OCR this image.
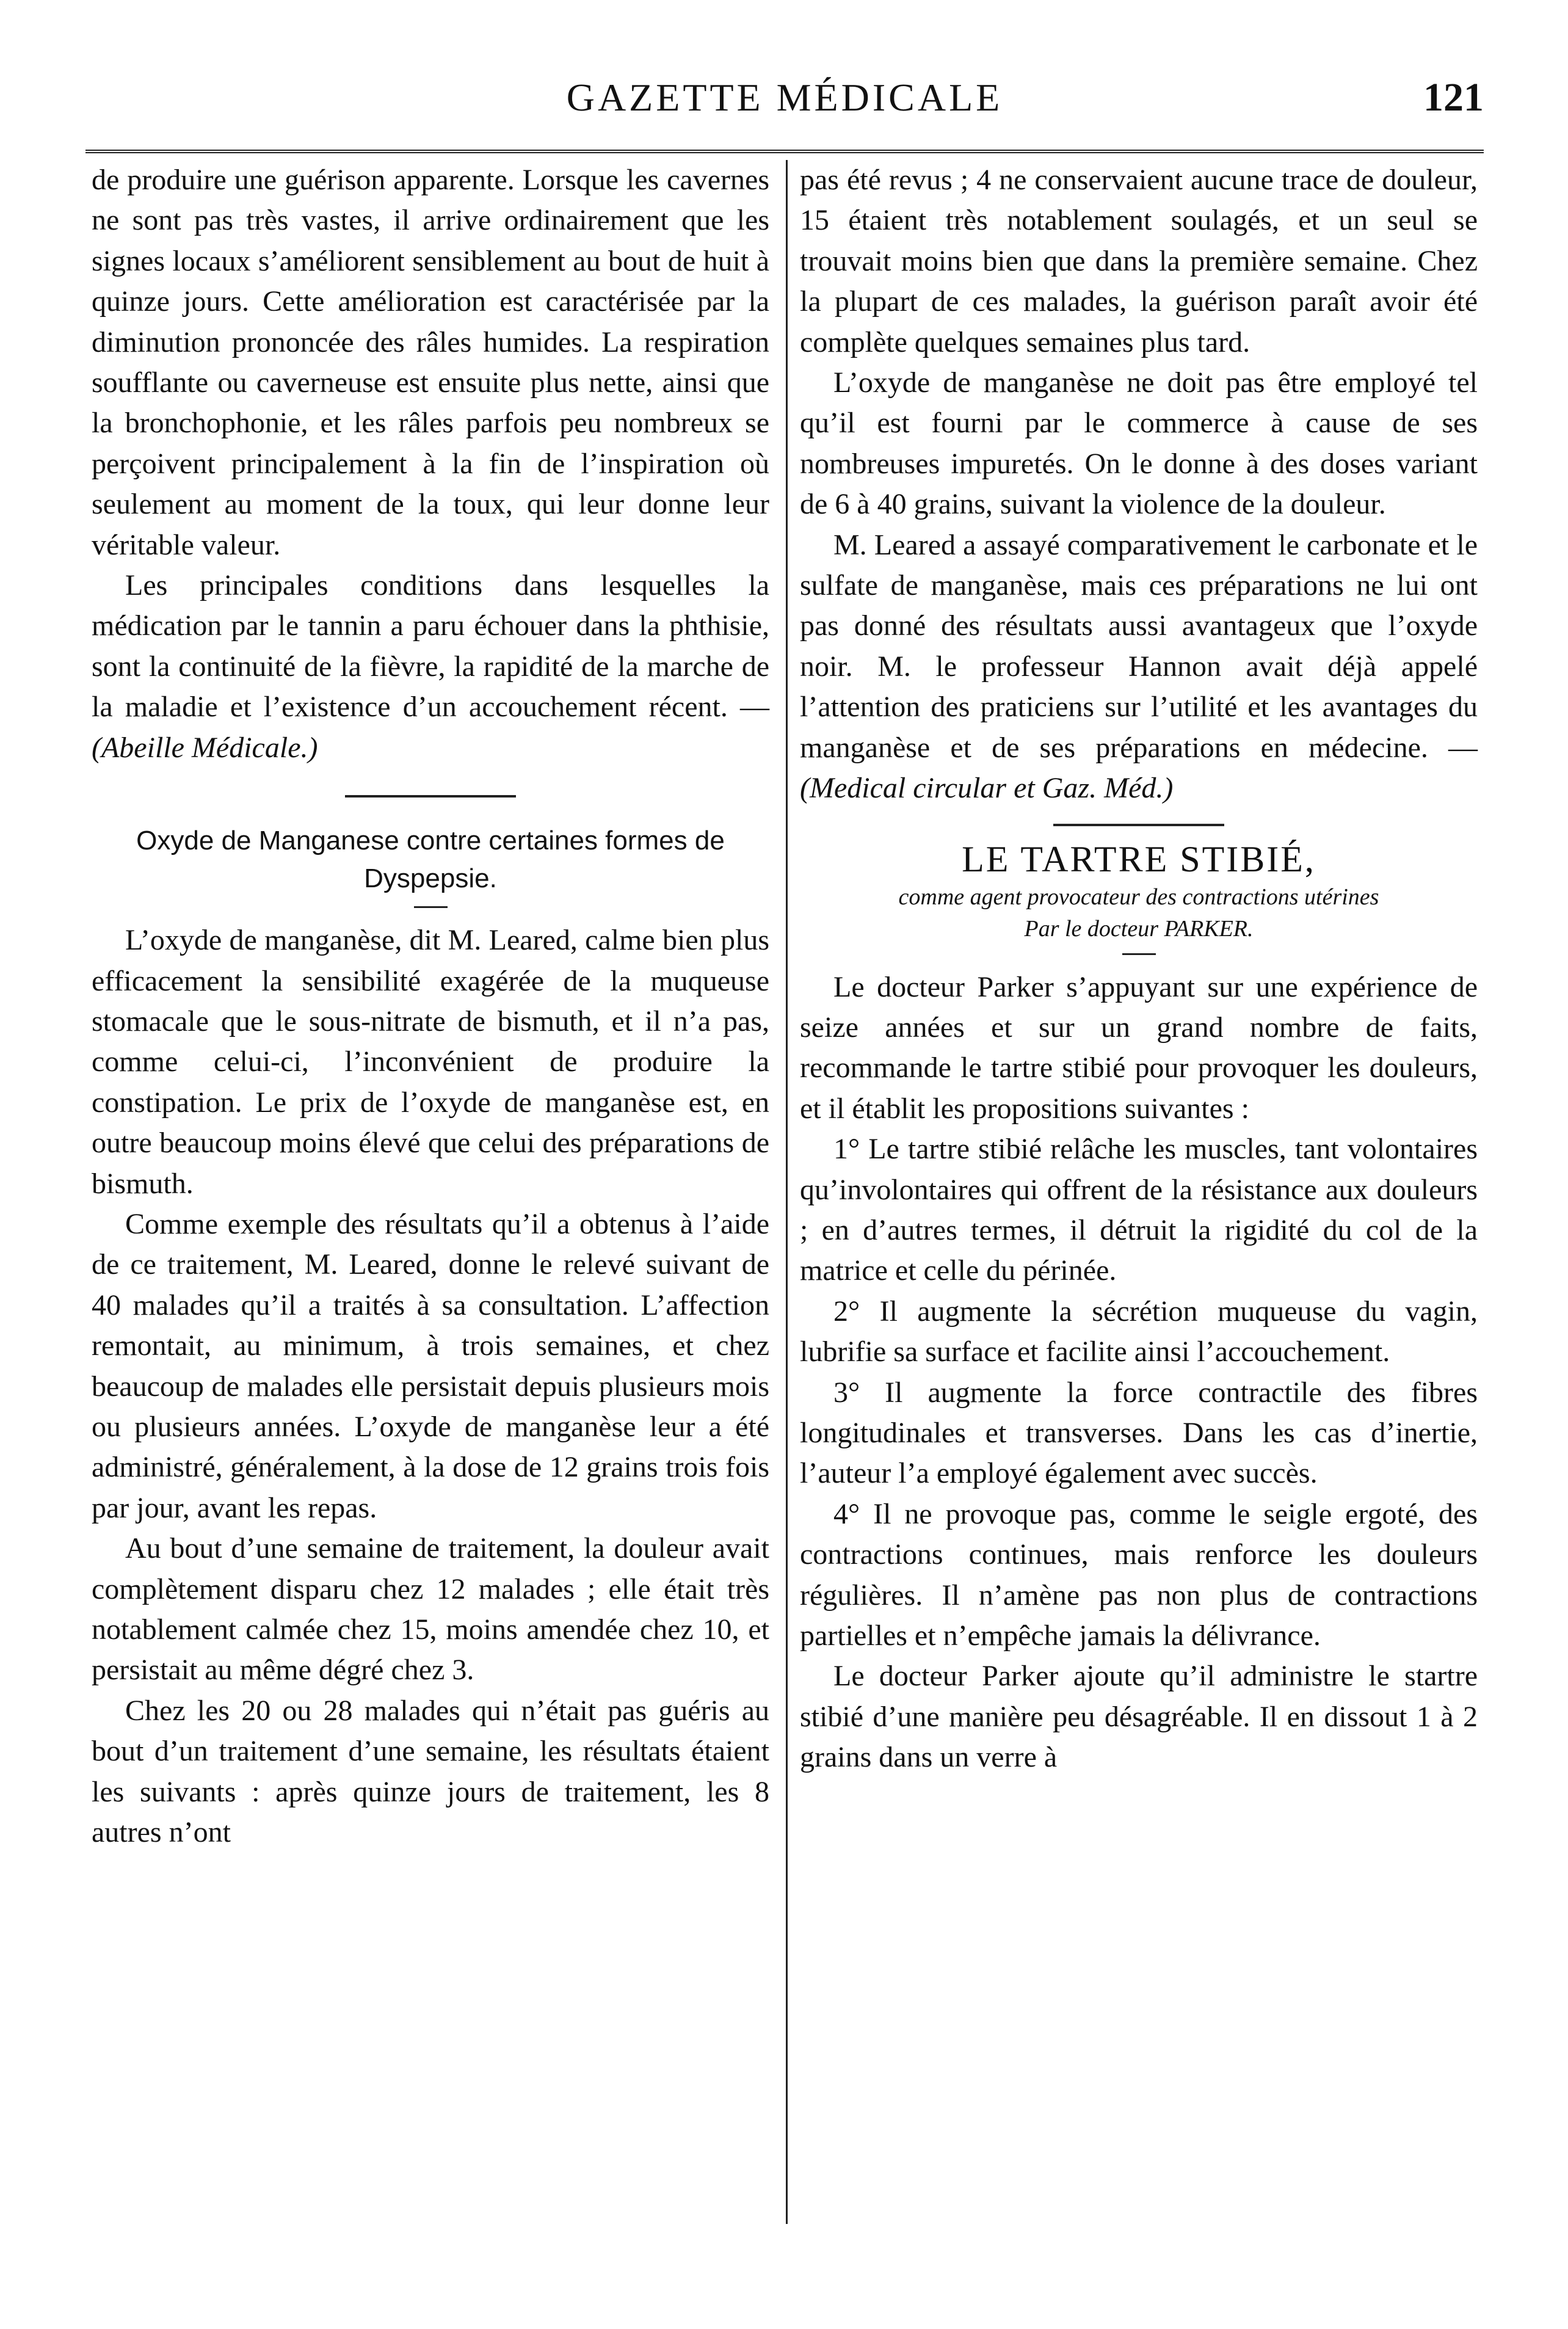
GAZETTE MÉDICALE	121

de produire une guérison apparente. Lorsque les cavernes ne sont pas très vastes, il arrive ordinairement que les signes locaux s’améliorent sensiblement au bout de huit à quinze jours. Cette amélioration est caractérisée par la diminution prononcée des râles humides. La respiration soufflante ou caverneuse est ensuite plus nette, ainsi que la bronchophonie, et les râles parfois peu nombreux se perçoivent principalement à la fin de l’inspiration où seulement au moment de la toux, qui leur donne leur véritable valeur.

Les principales conditions dans lesquelles la médication par le tannin a paru échouer dans la phthisie, sont la continuité de la fièvre, la rapidité de la marche de la maladie et l’existence d’un accouchement récent. — (Abeille Médicale.)

Oxyde de Manganese contre certaines formes de Dyspepsie.

L’oxyde de manganèse, dit M. Leared, calme bien plus efficacement la sensibilité exagérée de la muqueuse stomacale que le sous-nitrate de bismuth, et il n’a pas, comme celui-ci, l’inconvénient de produire la constipation. Le prix de l’oxyde de manganèse est, en outre beaucoup moins élevé que celui des préparations de bismuth.

Comme exemple des résultats qu’il a obtenus à l’aide de ce traitement, M. Leared, donne le relevé suivant de 40 malades qu’il a traités à sa consultation. L’affection remontait, au minimum, à trois semaines, et chez beaucoup de malades elle persistait depuis plusieurs mois ou plusieurs années. L’oxyde de manganèse leur a été administré, généralement, à la dose de 12 grains trois fois par jour, avant les repas.

Au bout d’une semaine de traitement, la douleur avait complètement disparu chez 12 malades ; elle était très notablement calmée chez 15, moins amendée chez 10, et persistait au même dégré chez 3.

Chez les 20 ou 28 malades qui n’était pas guéris au bout d’un traitement d’une semaine, les résultats étaient les suivants : après quinze jours de traitement, les 8 autres n’ont

pas été revus ; 4 ne conservaient aucune trace de douleur, 15 étaient très notablement soulagés, et un seul se trouvait moins bien que dans la première semaine. Chez la plupart de ces malades, la guérison paraît avoir été complète quelques semaines plus tard.

L’oxyde de manganèse ne doit pas être employé tel qu’il est fourni par le commerce à cause de ses nombreuses impuretés. On le donne à des doses variant de 6 à 40 grains, suivant la violence de la douleur.

M. Leared a assayé comparativement le carbonate et le sulfate de manganèse, mais ces préparations ne lui ont pas donné des résultats aussi avantageux que l’oxyde noir. M. le professeur Hannon avait déjà appelé l’attention des praticiens sur l’utilité et les avantages du manganèse et de ses préparations en médecine. — (Medical circular et Gaz. Méd.)

LE TARTRE STIBIÉ,
comme agent provocateur des contractions utérines
Par le docteur PARKER.

Le docteur Parker s’appuyant sur une expérience de seize années et sur un grand nombre de faits, recommande le tartre stibié pour provoquer les douleurs, et il établit les propositions suivantes :

1° Le tartre stibié relâche les muscles, tant volontaires qu’involontaires qui offrent de la résistance aux douleurs ; en d’autres termes, il détruit la rigidité du col de la matrice et celle du périnée.

2° Il augmente la sécrétion muqueuse du vagin, lubrifie sa surface et facilite ainsi l’accouchement.

3° Il augmente la force contractile des fibres longitudinales et transverses. Dans les cas d’inertie, l’auteur l’a employé également avec succès.

4° Il ne provoque pas, comme le seigle ergoté, des contractions continues, mais renforce les douleurs régulières. Il n’amène pas non plus de contractions partielles et n’empêche jamais la délivrance.

Le docteur Parker ajoute qu’il administre le startre stibié d’une manière peu désagréable. Il en dissout 1 à 2 grains dans un verre à
